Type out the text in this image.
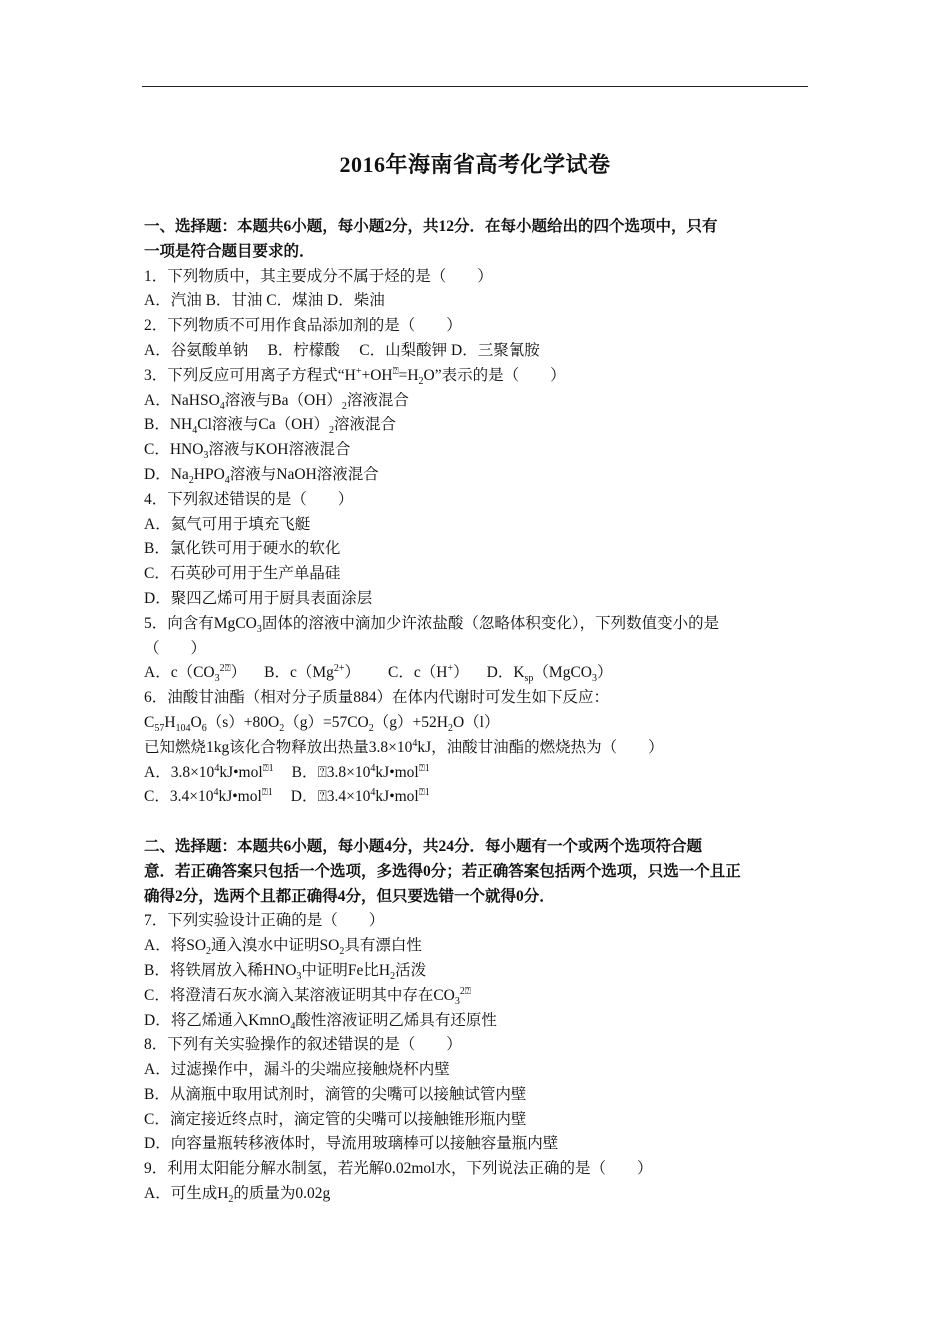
2016年海南省高考化学试卷
一、选择题：本题共6小题，每小题2分，共12分．在每小题给出的四个选项中，只有
一项是符合题目要求的．
1．下列物质中，其主要成分不属于烃的是（　　）
A．汽油 B．甘油 C．煤油 D．柴油
2．下列物质不可用作食品添加剂的是（　　）
A．谷氨酸单钠　 B．柠檬酸　 C．山梨酸钾 D．三聚氰胺
3．下列反应可用离子方程式“$H^++OH^⍰=H_2O$”表示的是（　　）
A．NaHSO$_4$溶液与$Ba(OH)_2$溶液混合
B．$NH_4Cl$溶液与$Ca(OH)_2$溶液混合
C．$HNO_3$溶液与KOH溶液混合
D．$Na_2HPO_4$溶液与NaOH溶液混合
4．下列叙述错误的是（　　）
A．氦气可用于填充飞艇
B．氯化铁可用于硬水的软化
C．石英砂可用于生产单晶硅
D．聚四乙烯可用于厨具表面涂层
5．向含有MgCO$_3$固体的溶液中滴加少许浓盐酸（忽略体积变化），下列数值变小的是
（　　）
A．$c(CO_3^{2⍰})$ B．$c(Mg^{2+})$ C．c（H+） D．$K_{sp}(MgCO_3)$
6．油酸甘油酯（相对分子质量884）在体内代谢时可发生如下反应：
$C_{57}H_{104}O_6(s)+80O_2(g)=57CO_2(g)+52H_2O(l)$
已知燃烧1kg该化合物释放出热量$3.8\times 10^4kJ$，油酸甘油酯的燃烧热为（　　）
A．$3.8\times 10^4kJ•mol^{⍰1}$ B．$⍰3.8\times 10^4kJ•mol^{⍰1}$
C．$3.4\times 10^4kJ•mol^{⍰1}$ D．$⍰3.4\times 10^4kJ•mol^{⍰1}$
二、选择题：本题共6小题，每小题4分，共24分．每小题有一个或两个选项符合题
意．若正确答案只包括一个选项，多选得0分；若正确答案包括两个选项，只选一个且正
确得2分，选两个且都正确得4分，但只要选错一个就得0分．
7．下列实验设计正确的是（　　）
A．将$SO_2$通入溴水中证明$SO_2$具有漂白性
B．将铁屑放入稀$HNO_3$中证明Fe比$H_2$活泼
C．将澄清石灰水滴入某溶液证明其中存在$CO_3^{2⍰}$
D．将乙烯通入KmnO$_4$酸性溶液证明乙烯具有还原性
8．下列有关实验操作的叙述错误的是（　　）
A．过滤操作中，漏斗的尖端应接触烧杯内壁
B．从滴瓶中取用试剂时，滴管的尖嘴可以接触试管内壁
C．滴定接近终点时，滴定管的尖嘴可以接触锥形瓶内壁
D．向容量瓶转移液体时，导流用玻璃棒可以接触容量瓶内壁
9．利用太阳能分解水制氢，若光解0.02mol水，下列说法正确的是（　　）
A．可生成$H_2$的质量为0.02g
